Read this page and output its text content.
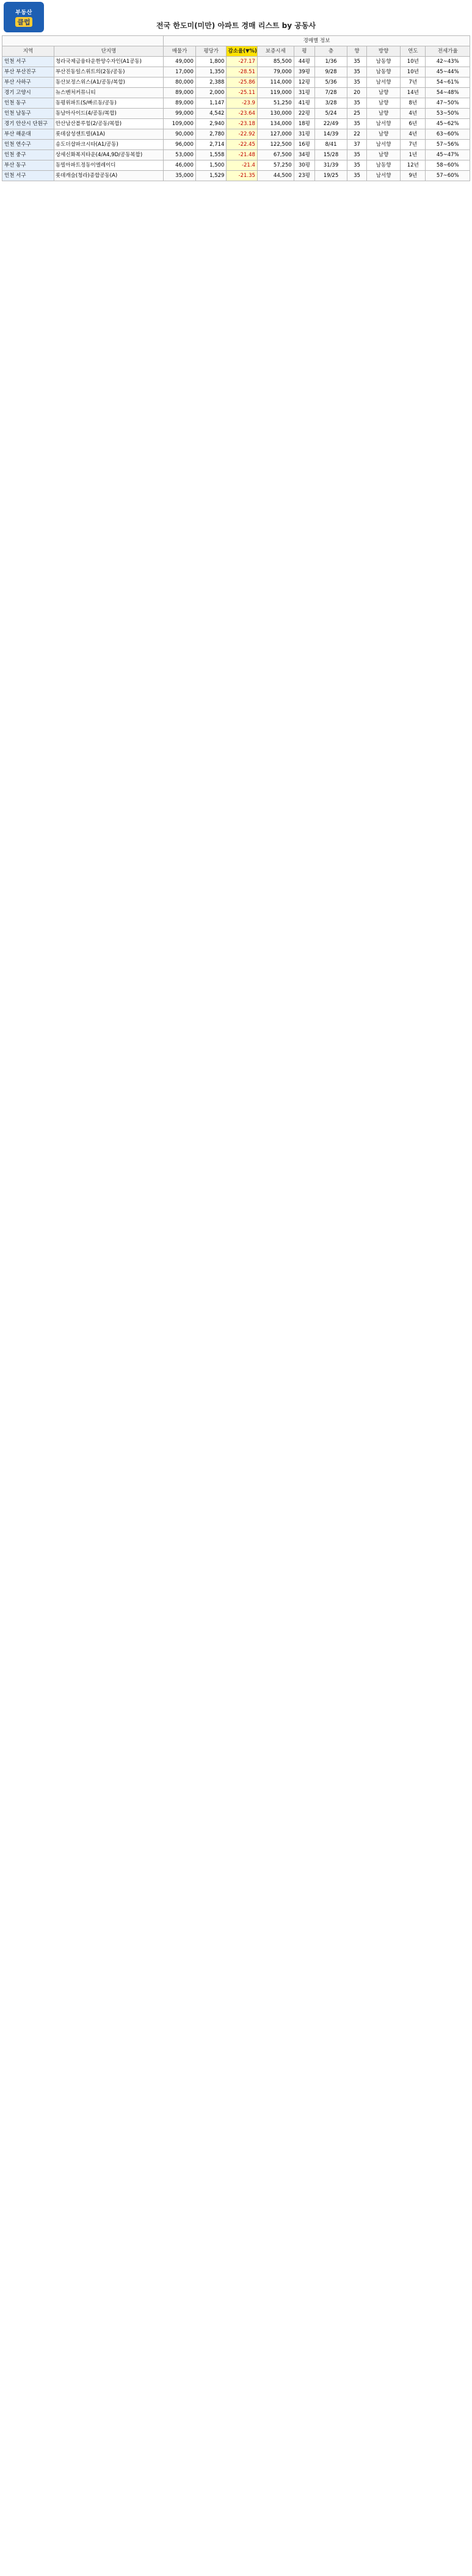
부동산
클럽	전국 한도미(미만) 아파트 경매 리스트 by 공동사
		경매별 정보									
지역	단지명	매물가	평당가	감소율(▼%)	보증시세	평	층	향	방향	연도	전세가율
인천 서구	청라국제금융타운한양수자인(A1공동)	49,000	1,800	-27.17	85,500	44평	1/36	35	남동향	10년	42~43%
부산 부산진구	부산진동일스위트의(2동/공동)	17,000	1,350	-28.51	79,000	39평	9/28	35	남동향	10년	45~44%
부산 사하구	동산보정스위스(A1/공동/복합)	80,000	2,388	-25.86	114,000	12평	5/36	35	남서향	7년	54~61%
경기 고양시	뉴스벤처커뮤니티	89,000	2,000	-25.11	119,000	31평	7/28	20	남향	14년	54~48%
인천 동구	동평위파트(S/빠르동/공동)	89,000	1,147	-23.9	51,250	41평	3/28	35	남향	8년	47~50%
인천 남동구	동남아사이드(4/공동/복합)	99,000	4,542	-23.64	130,000	22평	5/24	25	남향	4년	53~50%
경기 안산시 단원구	안산남산블루힐(2/공동/복합)	109,000	2,940	-23.18	134,000	18평	22/49	35	남서향	6년	45~62%
부산 해운대	롯데삼성센트럴(A1A)	90,000	2,780	-22.92	127,000	31평	14/39	22	남향	4년	63~60%
인천 연수구	송도더샵파크시타(A1/공동)	96,000	2,714	-22.45	122,500	16평	8/41	37	남서향	7년	57~56%
인천 중구	상세신화복지타운(4/A4,9D/공동복합)	53,000	1,558	-21.48	67,500	34평	15/28	35	남향	1년	45~47%
부산 동구	동빌아파트정동이엘레이디	46,000	1,500	-21.4	57,250	30평	31/39	35	남동향	12년	58~60%
인천 서구	롯데캐슬(청라)종합공동(A)	35,000	1,529	-21.35	44,500	23평	19/25	35	남서향	9년	57~60%
